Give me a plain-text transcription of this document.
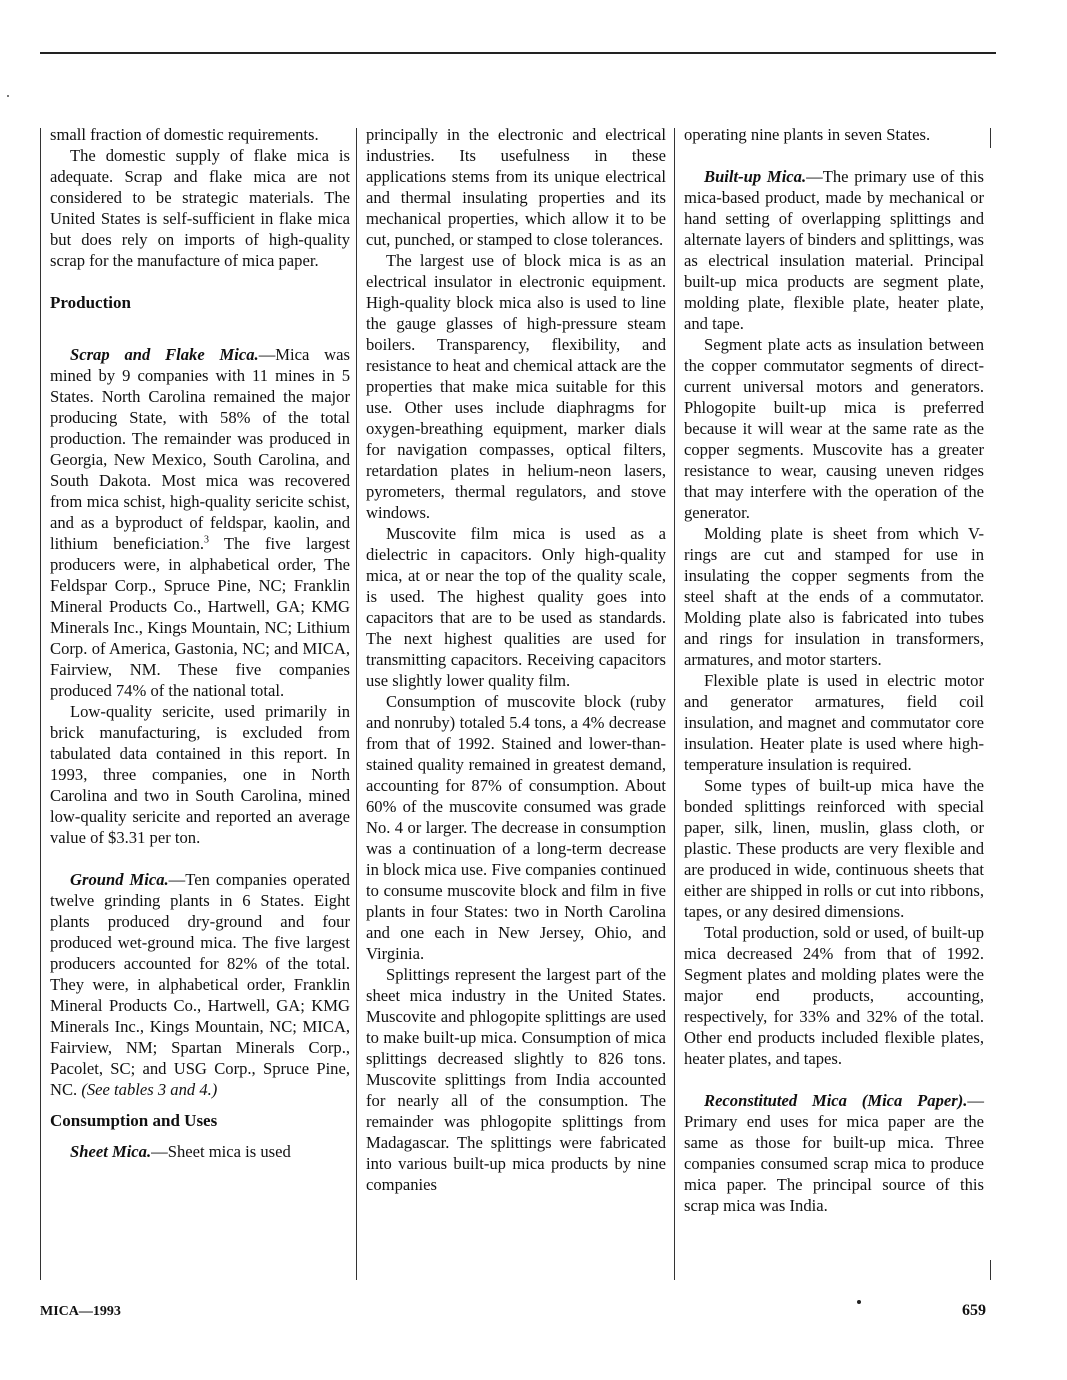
small fraction of domestic requirements.

The domestic supply of flake mica is adequate. Scrap and flake mica are not considered to be strategic materials. The United States is self-sufficient in flake mica but does rely on imports of high-quality scrap for the manufacture of mica paper.

Production

Scrap and Flake Mica.—Mica was mined by 9 companies with 11 mines in 5 States. North Carolina remained the major producing State, with 58% of the total production. The remainder was produced in Georgia, New Mexico, South Carolina, and South Dakota. Most mica was recovered from mica schist, high-quality sericite schist, and as a byproduct of feldspar, kaolin, and lithium beneficiation.$^3$ The five largest producers were, in alphabetical order, The Feldspar Corp., Spruce Pine, NC; Franklin Mineral Products Co., Hartwell, GA; KMG Minerals Inc., Kings Mountain, NC; Lithium Corp. of America, Gastonia, NC; and MICA, Fairview, NM. These five companies produced 74% of the national total.

Low-quality sericite, used primarily in brick manufacturing, is excluded from tabulated data contained in this report. In 1993, three companies, one in North Carolina and two in South Carolina, mined low-quality sericite and reported an average value of $3.31 per ton.

Ground Mica.—Ten companies operated twelve grinding plants in 6 States. Eight plants produced dry-ground and four produced wet-ground mica. The five largest producers accounted for 82% of the total. They were, in alphabetical order, Franklin Mineral Products Co., Hartwell, GA; KMG Minerals Inc., Kings Mountain, NC; MICA, Fairview, NM; Spartan Minerals Corp., Pacolet, SC; and USG Corp., Spruce Pine, NC. (See tables 3 and 4.)

Consumption and Uses

Sheet Mica.—Sheet mica is used

principally in the electronic and electrical industries. Its usefulness in these applications stems from its unique electrical and thermal insulating properties and its mechanical properties, which allow it to be cut, punched, or stamped to close tolerances.

The largest use of block mica is as an electrical insulator in electronic equipment. High-quality block mica also is used to line the gauge glasses of high-pressure steam boilers. Transparency, flexibility, and resistance to heat and chemical attack are the properties that make mica suitable for this use. Other uses include diaphragms for oxygen-breathing equipment, marker dials for navigation compasses, optical filters, retardation plates in helium-neon lasers, pyrometers, thermal regulators, and stove windows.

Muscovite film mica is used as a dielectric in capacitors. Only high-quality mica, at or near the top of the quality scale, is used. The highest quality goes into capacitors that are to be used as standards. The next highest qualities are used for transmitting capacitors. Receiving capacitors use slightly lower quality film.

Consumption of muscovite block (ruby and nonruby) totaled 5.4 tons, a 4% decrease from that of 1992. Stained and lower-than-stained quality remained in greatest demand, accounting for 87% of consumption. About 60% of the muscovite consumed was grade No. 4 or larger. The decrease in consumption was a continuation of a long-term decrease in block mica use. Five companies continued to consume muscovite block and film in five plants in four States: two in North Carolina and one each in New Jersey, Ohio, and Virginia.

Splittings represent the largest part of the sheet mica industry in the United States. Muscovite and phlogopite splittings are used to make built-up mica. Consumption of mica splittings decreased slightly to 826 tons. Muscovite splittings from India accounted for nearly all of the consumption. The remainder was phlogopite splittings from Madagascar. The splittings were fabricated into various built-up mica products by nine companies

operating nine plants in seven States.

Built-up Mica.—The primary use of this mica-based product, made by mechanical or hand setting of overlapping splittings and alternate layers of binders and splittings, was as electrical insulation material. Principal built-up mica products are segment plate, molding plate, flexible plate, heater plate, and tape.

Segment plate acts as insulation between the copper commutator segments of direct-current universal motors and generators. Phlogopite built-up mica is preferred because it will wear at the same rate as the copper segments. Muscovite has a greater resistance to wear, causing uneven ridges that may interfere with the operation of the generator.

Molding plate is sheet from which V-rings are cut and stamped for use in insulating the copper segments from the steel shaft at the ends of a commutator. Molding plate also is fabricated into tubes and rings for insulation in transformers, armatures, and motor starters.

Flexible plate is used in electric motor and generator armatures, field coil insulation, and magnet and commutator core insulation. Heater plate is used where high-temperature insulation is required.

Some types of built-up mica have the bonded splittings reinforced with special paper, silk, linen, muslin, glass cloth, or plastic. These products are very flexible and are produced in wide, continuous sheets that either are shipped in rolls or cut into ribbons, tapes, or any desired dimensions.

Total production, sold or used, of built-up mica decreased 24% from that of 1992. Segment plates and molding plates were the major end products, accounting, respectively, for 33% and 32% of the total. Other end products included flexible plates, heater plates, and tapes.

Reconstituted Mica (Mica Paper).— Primary end uses for mica paper are the same as those for built-up mica. Three companies consumed scrap mica to produce mica paper. The principal source of this scrap mica was India.

MICA—1993	659
